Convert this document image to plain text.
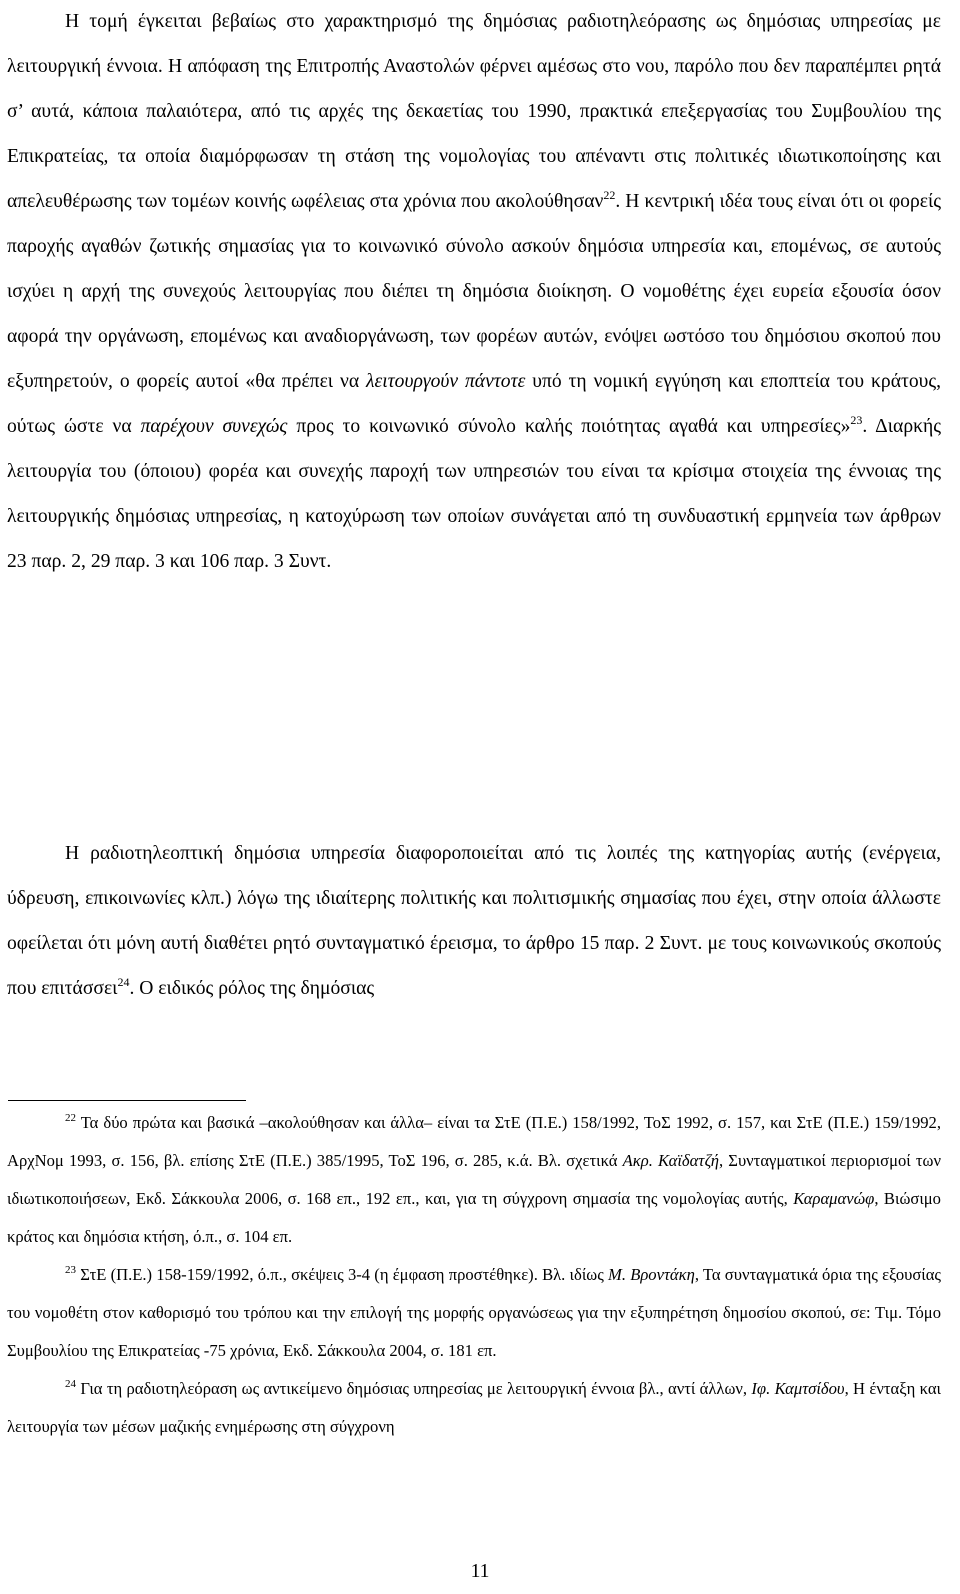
Η τομή έγκειται βεβαίως στο χαρακτηρισμό της δημόσιας ραδιοτηλεόρασης ως δημόσιας υπηρεσίας με λειτουργική έννοια. Η απόφαση της Επιτροπής Αναστολών φέρνει αμέσως στο νου, παρόλο που δεν παραπέμπει ρητά σ’ αυτά, κάποια παλαιότερα, από τις αρχές της δεκαετίας του 1990, πρακτικά επεξεργασίας του Συμβουλίου της Επικρατείας, τα οποία διαμόρφωσαν τη στάση της νομολογίας του απέναντι στις πολιτικές ιδιωτικοποίησης και απελευθέρωσης των τομέων κοινής ωφέλειας στα χρόνια που ακολούθησαν$^{22}$. Η κεντρική ιδέα τους είναι ότι οι φορείς παροχής αγαθών ζωτικής σημασίας για το κοινωνικό σύνολο ασκούν δημόσια υπηρεσία και, επομένως, σε αυτούς ισχύει η αρχή της συνεχούς λειτουργίας που διέπει τη δημόσια διοίκηση. Ο νομοθέτης έχει ευρεία εξουσία όσον αφορά την οργάνωση, επομένως και αναδιοργάνωση, των φορέων αυτών, ενόψει ωστόσο του δημόσιου σκοπού που εξυπηρετούν, ο φορείς αυτοί «θα πρέπει να λειτουργούν πάντοτε υπό τη νομική εγγύηση και εποπτεία του κράτους, ούτως ώστε να παρέχουν συνεχώς προς το κοινωνικό σύνολο καλής ποιότητας αγαθά και υπηρεσίες»$^{23}$. Διαρκής λειτουργία του (όποιου) φορέα και συνεχής παροχή των υπηρεσιών του είναι τα κρίσιμα στοιχεία της έννοιας της λειτουργικής δημόσιας υπηρεσίας, η κατοχύρωση των οποίων συνάγεται από τη συνδυαστική ερμηνεία των άρθρων 23 παρ. 2, 29 παρ. 3 και 106 παρ. 3 Συντ.

Η ραδιοτηλεοπτική δημόσια υπηρεσία διαφοροποιείται από τις λοιπές της κατηγορίας αυτής (ενέργεια, ύδρευση, επικοινωνίες κλπ.) λόγω της ιδιαίτερης πολιτικής και πολιτισμικής σημασίας που έχει, στην οποία άλλωστε οφείλεται ότι μόνη αυτή διαθέτει ρητό συνταγματικό έρεισμα, το άρθρο 15 παρ. 2 Συντ. με τους κοινωνικούς σκοπούς που επιτάσσει$^{24}$. Ο ειδικός ρόλος της δημόσιας

$^{22}$ Τα δύο πρώτα και βασικά –ακολούθησαν και άλλα– είναι τα ΣτΕ (Π.Ε.) 158/1992, ΤοΣ 1992, σ. 157, και ΣτΕ (Π.Ε.) 159/1992, ΑρχΝομ 1993, σ. 156, βλ. επίσης ΣτΕ (Π.Ε.) 385/1995, ΤοΣ 196, σ. 285, κ.ά. Βλ. σχετικά Ακρ. Καϊδατζή, Συνταγματικοί περιορισμοί των ιδιωτικοποιήσεων, Εκδ. Σάκκουλα 2006, σ. 168 επ., 192 επ., και, για τη σύγχρονη σημασία της νομολογίας αυτής, Καραμανώφ, Βιώσιμο κράτος και δημόσια κτήση, ό.π., σ. 104 επ.

$^{23}$ ΣτΕ (Π.Ε.) 158-159/1992, ό.π., σκέψεις 3-4 (η έμφαση προστέθηκε). Βλ. ιδίως Μ. Βροντάκη, Τα συνταγματικά όρια της εξουσίας του νομοθέτη στον καθορισμό του τρόπου και την επιλογή της μορφής οργανώσεως για την εξυπηρέτηση δημοσίου σκοπού, σε: Τιμ. Τόμο Συμβουλίου της Επικρατείας -75 χρόνια, Εκδ. Σάκκουλα 2004, σ. 181 επ.

$^{24}$ Για τη ραδιοτηλεόραση ως αντικείμενο δημόσιας υπηρεσίας με λειτουργική έννοια βλ., αντί άλλων, Ιφ. Καμτσίδου, Η ένταξη και λειτουργία των μέσων μαζικής ενημέρωσης στη σύγχρονη

11
